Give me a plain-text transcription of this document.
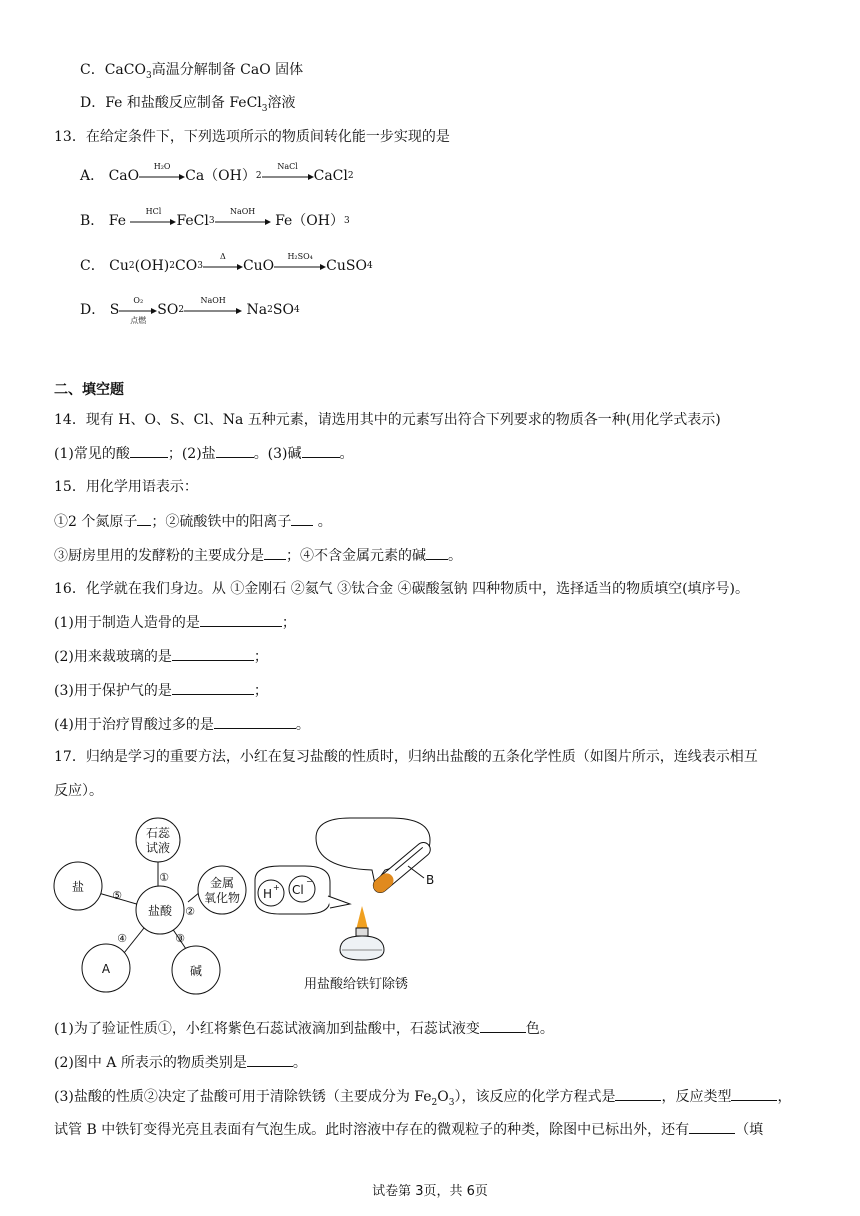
C．CaCO$_3$高温分解制备 CaO 固体
D．Fe 和盐酸反应制备 FeCl$_3$溶液
13．在给定条件下，下列选项所示的物质间转化能一步实现的是
A．
CaO
H₂O
Ca（OH） 2
NaCl
CaCl 2
B．
Fe

HCl
FeCl 3
NaOH

Fe（OH） 3
C．
Cu 2 (OH) 2 CO 3
Δ
CuO
H₂SO₄
CuSO 4
D．
S
O₂
点燃
SO 2
NaOH

Na 2 SO 4
二、填空题
14．现有 H、O、S、Cl、Na 五种元素，请选用其中的元素写出符合下列要求的物质各一种(用化学式表示)
(1)常见的酸	；(2)盐	。(3)碱	。
15．用化学用语表示：
①2 个氮原子 ；②硫酸铁中的阳离子 。
③厨房里用的发酵粉的主要成分是 ；④不含金属元素的碱 。
16．化学就在我们身边。从 ①金刚石 ②氦气 ③钛合金 ④碳酸氢钠 四种物质中，选择适当的物质填空(填序号)。
(1)用于制造人造骨的是	；
(2)用来裁玻璃的是	；
(3)用于保护气的是	；
(4)用于治疗胃酸过多的是	。
17．归纳是学习的重要方法，小红在复习盐酸的性质时，归纳出盐酸的五条化学性质（如图片所示，连线表示相互
反应）。
石蕊
试液
盐
盐酸
金属
氧化物
A	碱
①
⑤
②
④	③
H + Cl
−	B
用盐酸给铁钉除锈
(1)为了验证性质①，小红将紫色石蕊试液滴加到盐酸中，石蕊试液变	色。
(2)图中 A 所表示的物质类别是	。
(3)盐酸的性质②决定了盐酸可用于清除铁锈（主要成分为 $Fe_2O_3$），该反应的化学方程式是	，反应类型	，
试管 B 中铁钉变得光亮且表面有气泡生成。此时溶液中存在的微观粒子的种类，除图中已标出外，还有	（填
试卷第 3页，共 6页
